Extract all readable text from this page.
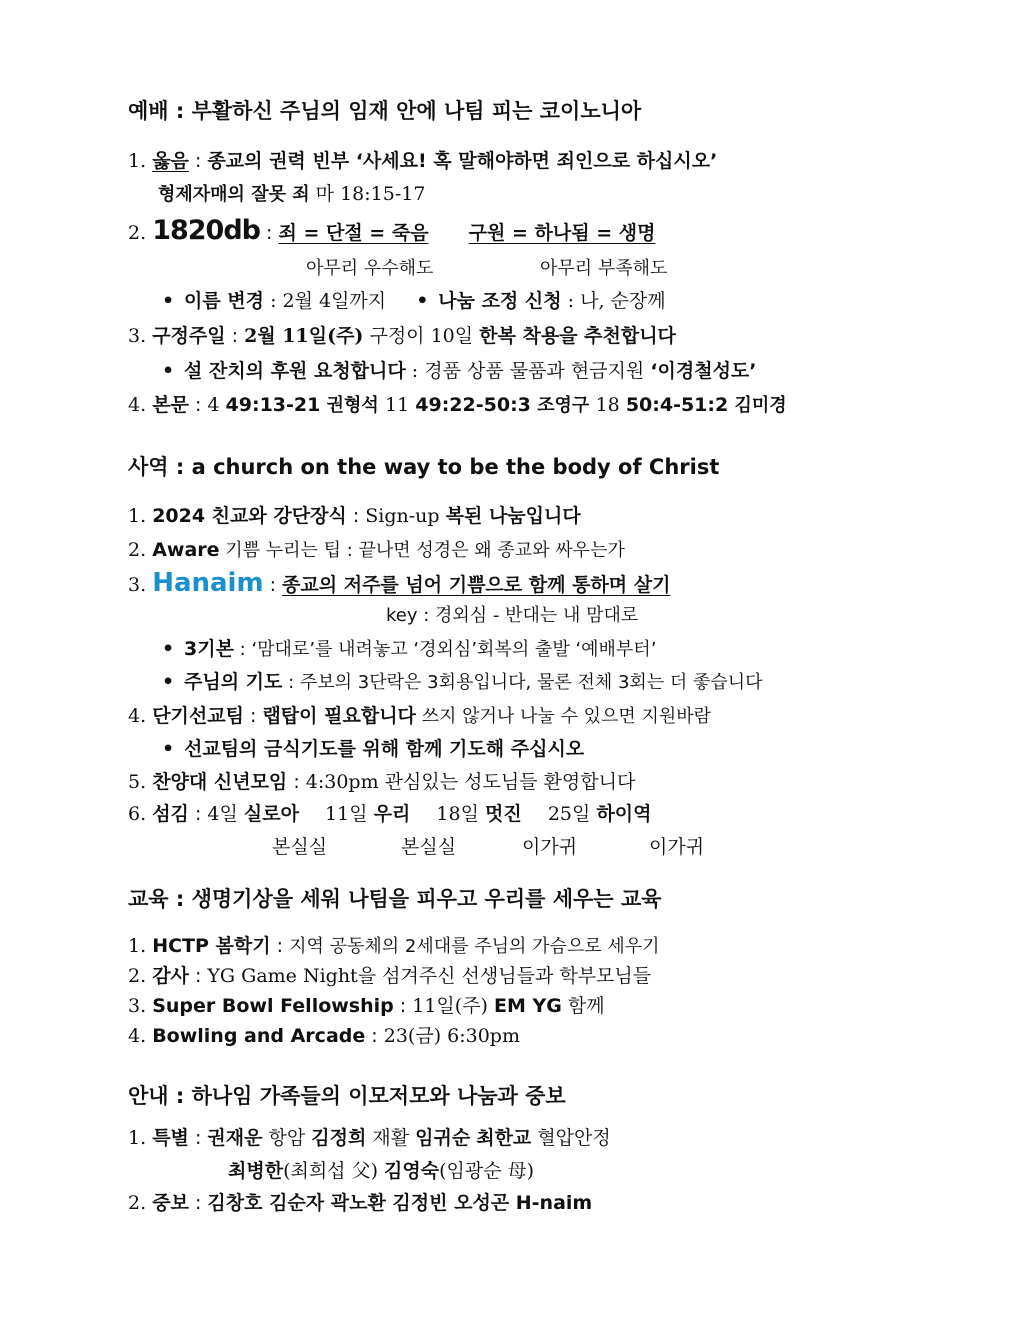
예배 : 부활하신 주님의 임재 안에 나팀 피는 코이노니아
1. 옳음 : 종교의 권력 빈부 ‘사세요! 혹 말해야하면 죄인으로 하십시오’
형제자매의 잘못 죄 마 18:15-17
2. 1820db : 죄 = 단절 = 죽음 구원 = 하나됨 = 생명
아무리 우수해도	아무리 부족해도
• 이름 변경 : 2월 4일까지 • 나눔 조정 신청 : 나, 순장께
3. 구정주일 : 2월 11일(주) 구정이 10일 한복 착용을 추천합니다
• 설 잔치의 후원 요청합니다 : 경품 상품 물품과 현금지원 ‘이경철성도’
4. 본문 : 4 49:13-21 권형석 11 49:22-50:3 조영구 18 50:4-51:2 김미경
사역 : a church on the way to be the body of Christ
1. 2024 친교와 강단장식 : Sign-up 복된 나눔입니다
2. Aware 기쁨 누리는 팁 : 끝나면 성경은 왜 종교와 싸우는가
3. Hanaim : 종교의 저주를 넘어 기쁨으로 함께 통하며 살기
key : 경외심 - 반대는 내 맘대로
• 3기본 : ‘맘대로’를 내려놓고 ‘경외심’회복의 출발 ‘예배부터’
• 주님의 기도 : 주보의 3단락은 3회용입니다, 물론 전체 3회는 더 좋습니다
4. 단기선교팀 : 랩탑이 필요합니다 쓰지 않거나 나눌 수 있으면 지원바람
• 선교팀의 금식기도를 위해 함께 기도해 주십시오
5. 찬양대 신년모임 : 4:30pm 관심있는 성도님들 환영합니다
6. 섬김 : 4일 실로아 11일 우리 18일 멋진 25일 하이역
본실실	본실실	이가귀	이가귀
교육 : 생명기상을 세워 나팀을 피우고 우리를 세우는 교육
1. HCTP 봄학기 : 지역 공동체의 2세대를 주님의 가슴으로 세우기
2. 감사 : YG Game Night을 섬겨주신 선생님들과 학부모님들
3. Super Bowl Fellowship : 11일(주) EM YG 함께
4. Bowling and Arcade : 23(금) 6:30pm
안내 : 하나임 가족들의 이모저모와 나눔과 중보
1. 특별 : 권재운 항암 김정희 재활 임귀순 최한교 혈압안정
최병한(최희섭 父) 김영숙(임광순 母)
2. 중보 : 김창호 김순자 곽노환 김정빈 오성곤 H-naim
